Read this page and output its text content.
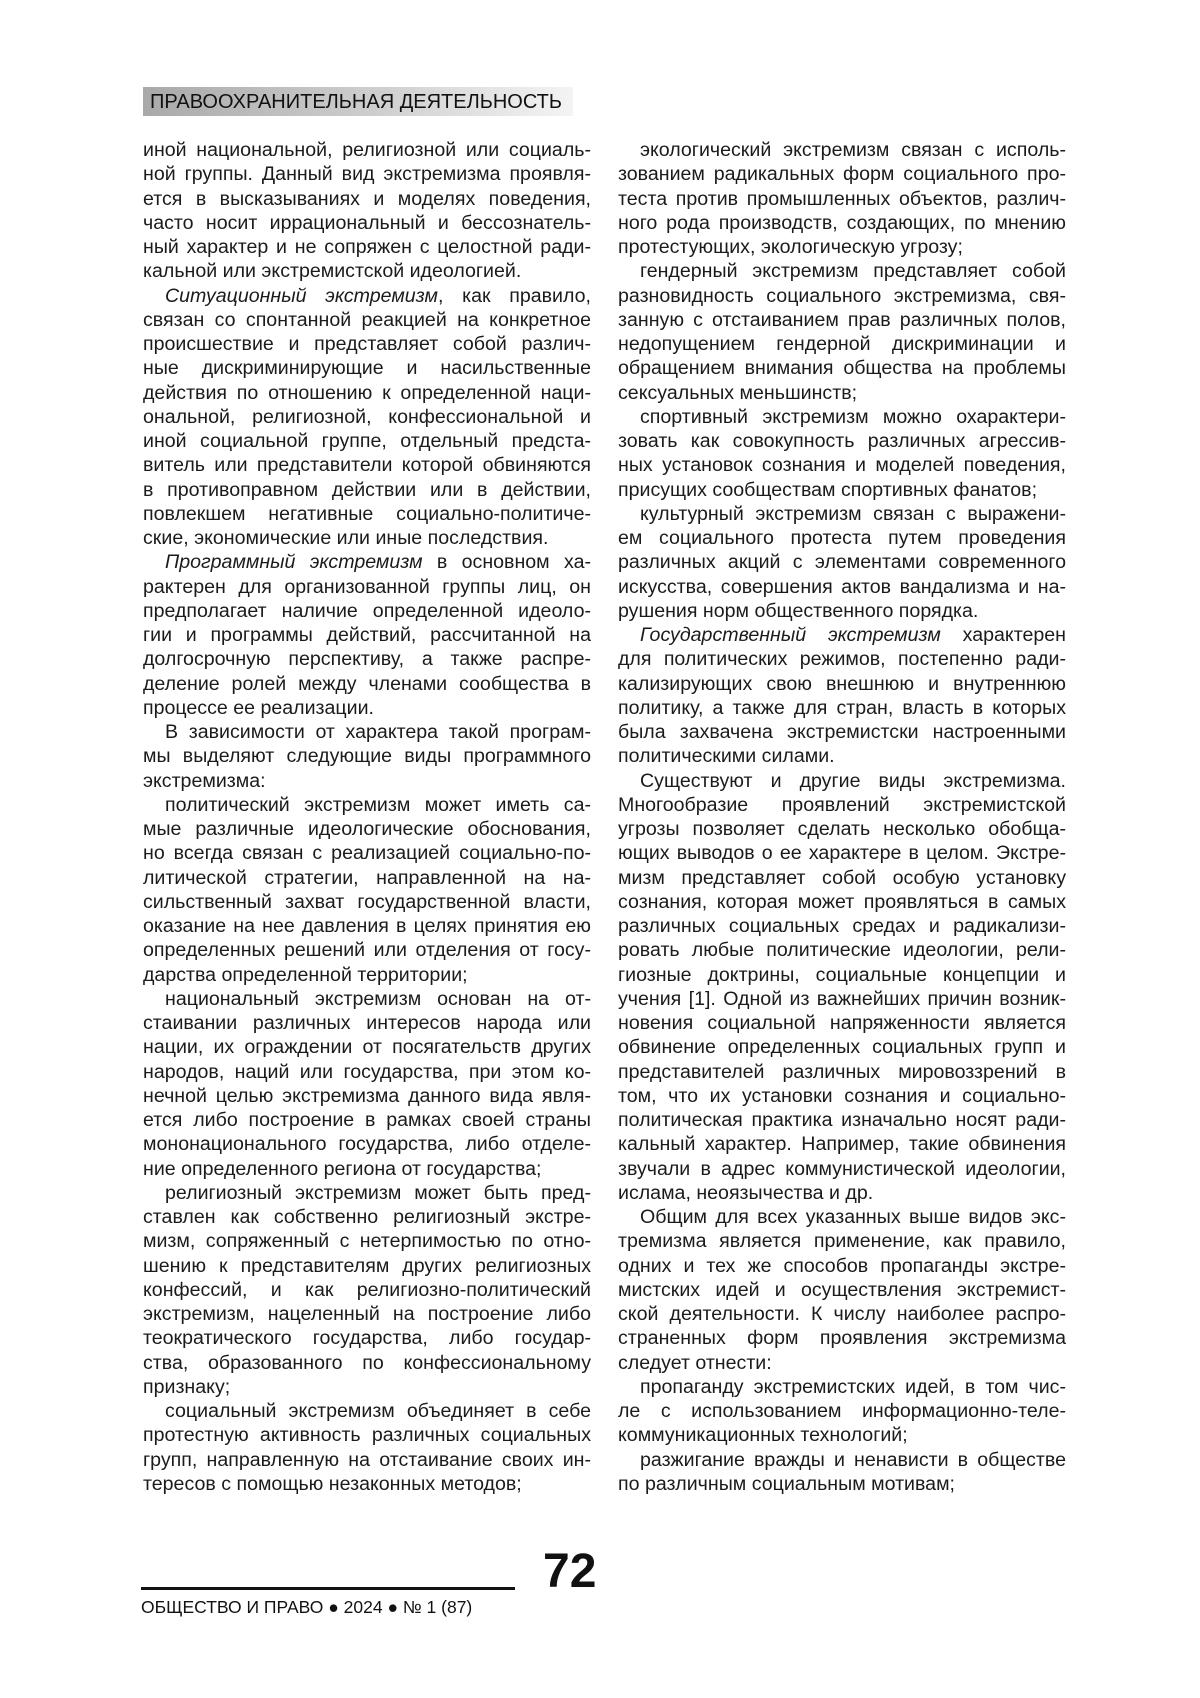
ПРАВООХРАНИТЕЛЬНАЯ ДЕЯТЕЛЬНОСТЬ
иной национальной, религиозной или социаль-
ной группы. Данный вид экстремизма проявля-
ется в высказываниях и моделях поведения,
часто носит иррациональный и бессознатель-
ный характер и не сопряжен с целостной ради-
кальной или экстремистской идеологией.
Ситуационный экстремизм, как правило,
связан со спонтанной реакцией на конкретное
происшествие и представляет собой различ-
ные дискриминирующие и насильственные
действия по отношению к определенной наци-
ональной, религиозной, конфессиональной и
иной социальной группе, отдельный предста-
витель или представители которой обвиняются
в противоправном действии или в действии,
повлекшем негативные социально-политиче-
ские, экономические или иные последствия.
Программный экстремизм в основном ха-
рактерен для организованной группы лиц, он
предполагает наличие определенной идеоло-
гии и программы действий, рассчитанной на
долгосрочную перспективу, а также распре-
деление ролей между членами сообщества в
процессе ее реализации.
В зависимости от характера такой програм-
мы выделяют следующие виды программного
экстремизма:
политический экстремизм может иметь са-
мые различные идеологические обоснования,
но всегда связан с реализацией социально-по-
литической стратегии, направленной на на-
сильственный захват государственной власти,
оказание на нее давления в целях принятия ею
определенных решений или отделения от госу-
дарства определенной территории;
национальный экстремизм основан на от-
стаивании различных интересов народа или
нации, их ограждении от посягательств других
народов, наций или государства, при этом ко-
нечной целью экстремизма данного вида явля-
ется либо построение в рамках своей страны
мононационального государства, либо отделе-
ние определенного региона от государства;
религиозный экстремизм может быть пред-
ставлен как собственно религиозный экстре-
мизм, сопряженный с нетерпимостью по отно-
шению к представителям других религиозных
конфессий, и как религиозно-политический
экстремизм, нацеленный на построение либо
теократического государства, либо государ-
ства, образованного по конфессиональному
признаку;
социальный экстремизм объединяет в себе
протестную активность различных социальных
групп, направленную на отстаивание своих ин-
тересов с помощью незаконных методов;
экологический экстремизм связан с исполь-
зованием радикальных форм социального про-
теста против промышленных объектов, различ-
ного рода производств, создающих, по мнению
протестующих, экологическую угрозу;
гендерный экстремизм представляет собой
разновидность социального экстремизма, свя-
занную с отстаиванием прав различных полов,
недопущением гендерной дискриминации и
обращением внимания общества на проблемы
сексуальных меньшинств;
спортивный экстремизм можно охарактери-
зовать как совокупность различных агрессив-
ных установок сознания и моделей поведения,
присущих сообществам спортивных фанатов;
культурный экстремизм связан с выражени-
ем социального протеста путем проведения
различных акций с элементами современного
искусства, совершения актов вандализма и на-
рушения норм общественного порядка.
Государственный экстремизм характерен
для политических режимов, постепенно ради-
кализирующих свою внешнюю и внутреннюю
политику, а также для стран, власть в которых
была захвачена экстремистски настроенными
политическими силами.
Существуют и другие виды экстремизма.
Многообразие проявлений экстремистской
угрозы позволяет сделать несколько обобща-
ющих выводов о ее характере в целом. Экстре-
мизм представляет собой особую установку
сознания, которая может проявляться в самых
различных социальных средах и радикализи-
ровать любые политические идеологии, рели-
гиозные доктрины, социальные концепции и
учения [1]. Одной из важнейших причин возник-
новения социальной напряженности является
обвинение определенных социальных групп и
представителей различных мировоззрений в
том, что их установки сознания и социально-
политическая практика изначально носят ради-
кальный характер. Например, такие обвинения
звучали в адрес коммунистической идеологии,
ислама, неоязычества и др.
Общим для всех указанных выше видов экс-
тремизма является применение, как правило,
одних и тех же способов пропаганды экстре-
мистских идей и осуществления экстремист-
ской деятельности. К числу наиболее распро-
страненных форм проявления экстремизма
следует отнести:
пропаганду экстремистских идей, в том чис-
ле с использованием информационно-теле-
коммуникационных технологий;
разжигание вражды и ненависти в обществе
по различным социальным мотивам;
72
ОБЩЕСТВО И ПРАВО ● 2024 ● № 1 (87)
